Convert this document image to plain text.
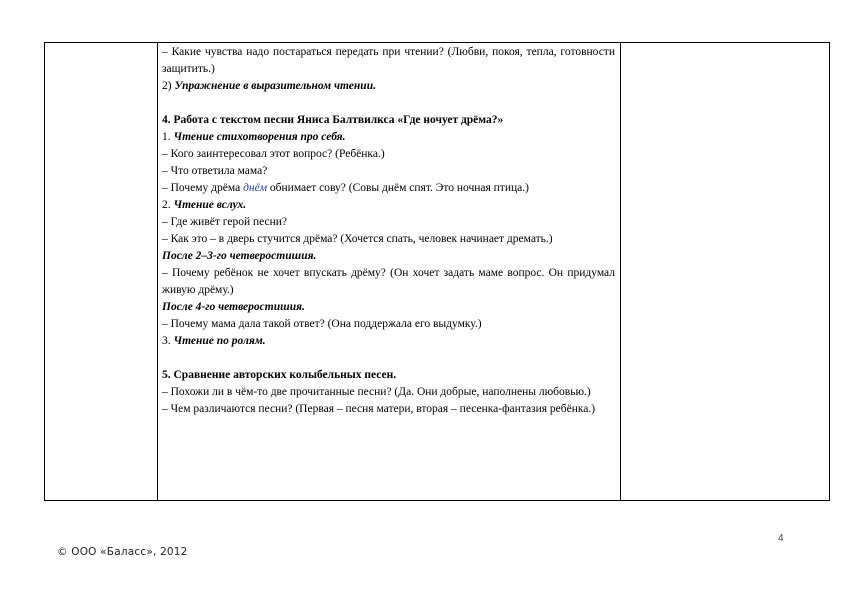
– Какие чувства надо постараться передать при чтении? (Любви, покоя, тепла, готовности защитить.)

2) Упражнение в выразительном чтении.

4. Работа с текстом песни Яниса Балтвилкса «Где ночует дрёма?»

1. Чтение стихотворения про себя.

– Кого заинтересовал этот вопрос? (Ребёнка.)

– Что ответила мама?

– Почему дрёма днём обнимает сову? (Совы днём спят. Это ночная птица.)

2. Чтение вслух.

– Где живёт герой песни?

– Как это – в дверь стучится дрёма? (Хочется спать, человек начинает дремать.)

После 2–3-го четверостишия.

– Почему ребёнок не хочет впускать дрёму? (Он хочет задать маме вопрос. Он придумал живую дрёму.)

После 4-го четверостишия.

– Почему мама дала такой ответ? (Она поддержала его выдумку.)

3. Чтение по ролям.

5. Сравнение авторских колыбельных песен.

– Похожи ли в чём-то две прочитанные песни? (Да. Они добрые, наполнены любовью.)

– Чем различаются песни? (Первая – песня матери, вторая – песенка-фантазия ребёнка.)

4
© ООО «Баласс», 2012
